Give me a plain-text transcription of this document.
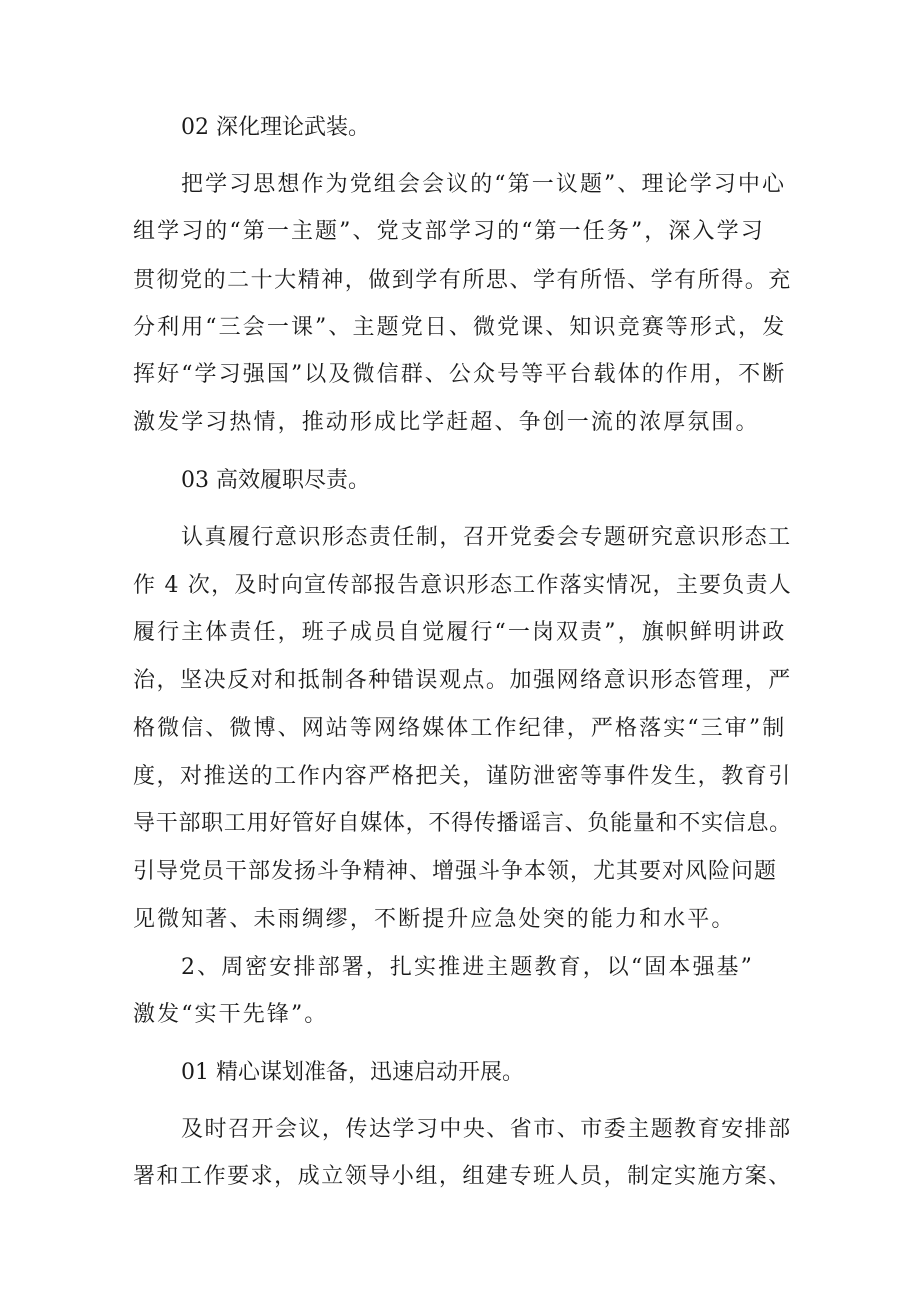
02 深化理论武装。
把学习思想作为党组会会议的“第一议题”、理论学习中心
组学习的“第一主题”、党支部学习的“第一任务”，深入学习
贯彻党的二十大精神，做到学有所思、学有所悟、学有所得。充
分利用“三会一课”、主题党日、微党课、知识竞赛等形式，发
挥好“学习强国”以及微信群、公众号等平台载体的作用，不断
激发学习热情，推动形成比学赶超、争创一流的浓厚氛围。
03 高效履职尽责。
认真履行意识形态责任制，召开党委会专题研究意识形态工
作 4 次，及时向宣传部报告意识形态工作落实情况，主要负责人
履行主体责任，班子成员自觉履行“一岗双责”，旗帜鲜明讲政
治，坚决反对和抵制各种错误观点。加强网络意识形态管理，严
格微信、微博、网站等网络媒体工作纪律，严格落实“三审”制
度，对推送的工作内容严格把关，谨防泄密等事件发生，教育引
导干部职工用好管好自媒体，不得传播谣言、负能量和不实信息。
引导党员干部发扬斗争精神、增强斗争本领，尤其要对风险问题
见微知著、未雨绸缪，不断提升应急处突的能力和水平。
2、周密安排部署，扎实推进主题教育，以“固本强基”
激发“实干先锋”。
01 精心谋划准备，迅速启动开展。
及时召开会议，传达学习中央、省市、市委主题教育安排部
署和工作要求，成立领导小组，组建专班人员，制定实施方案、
